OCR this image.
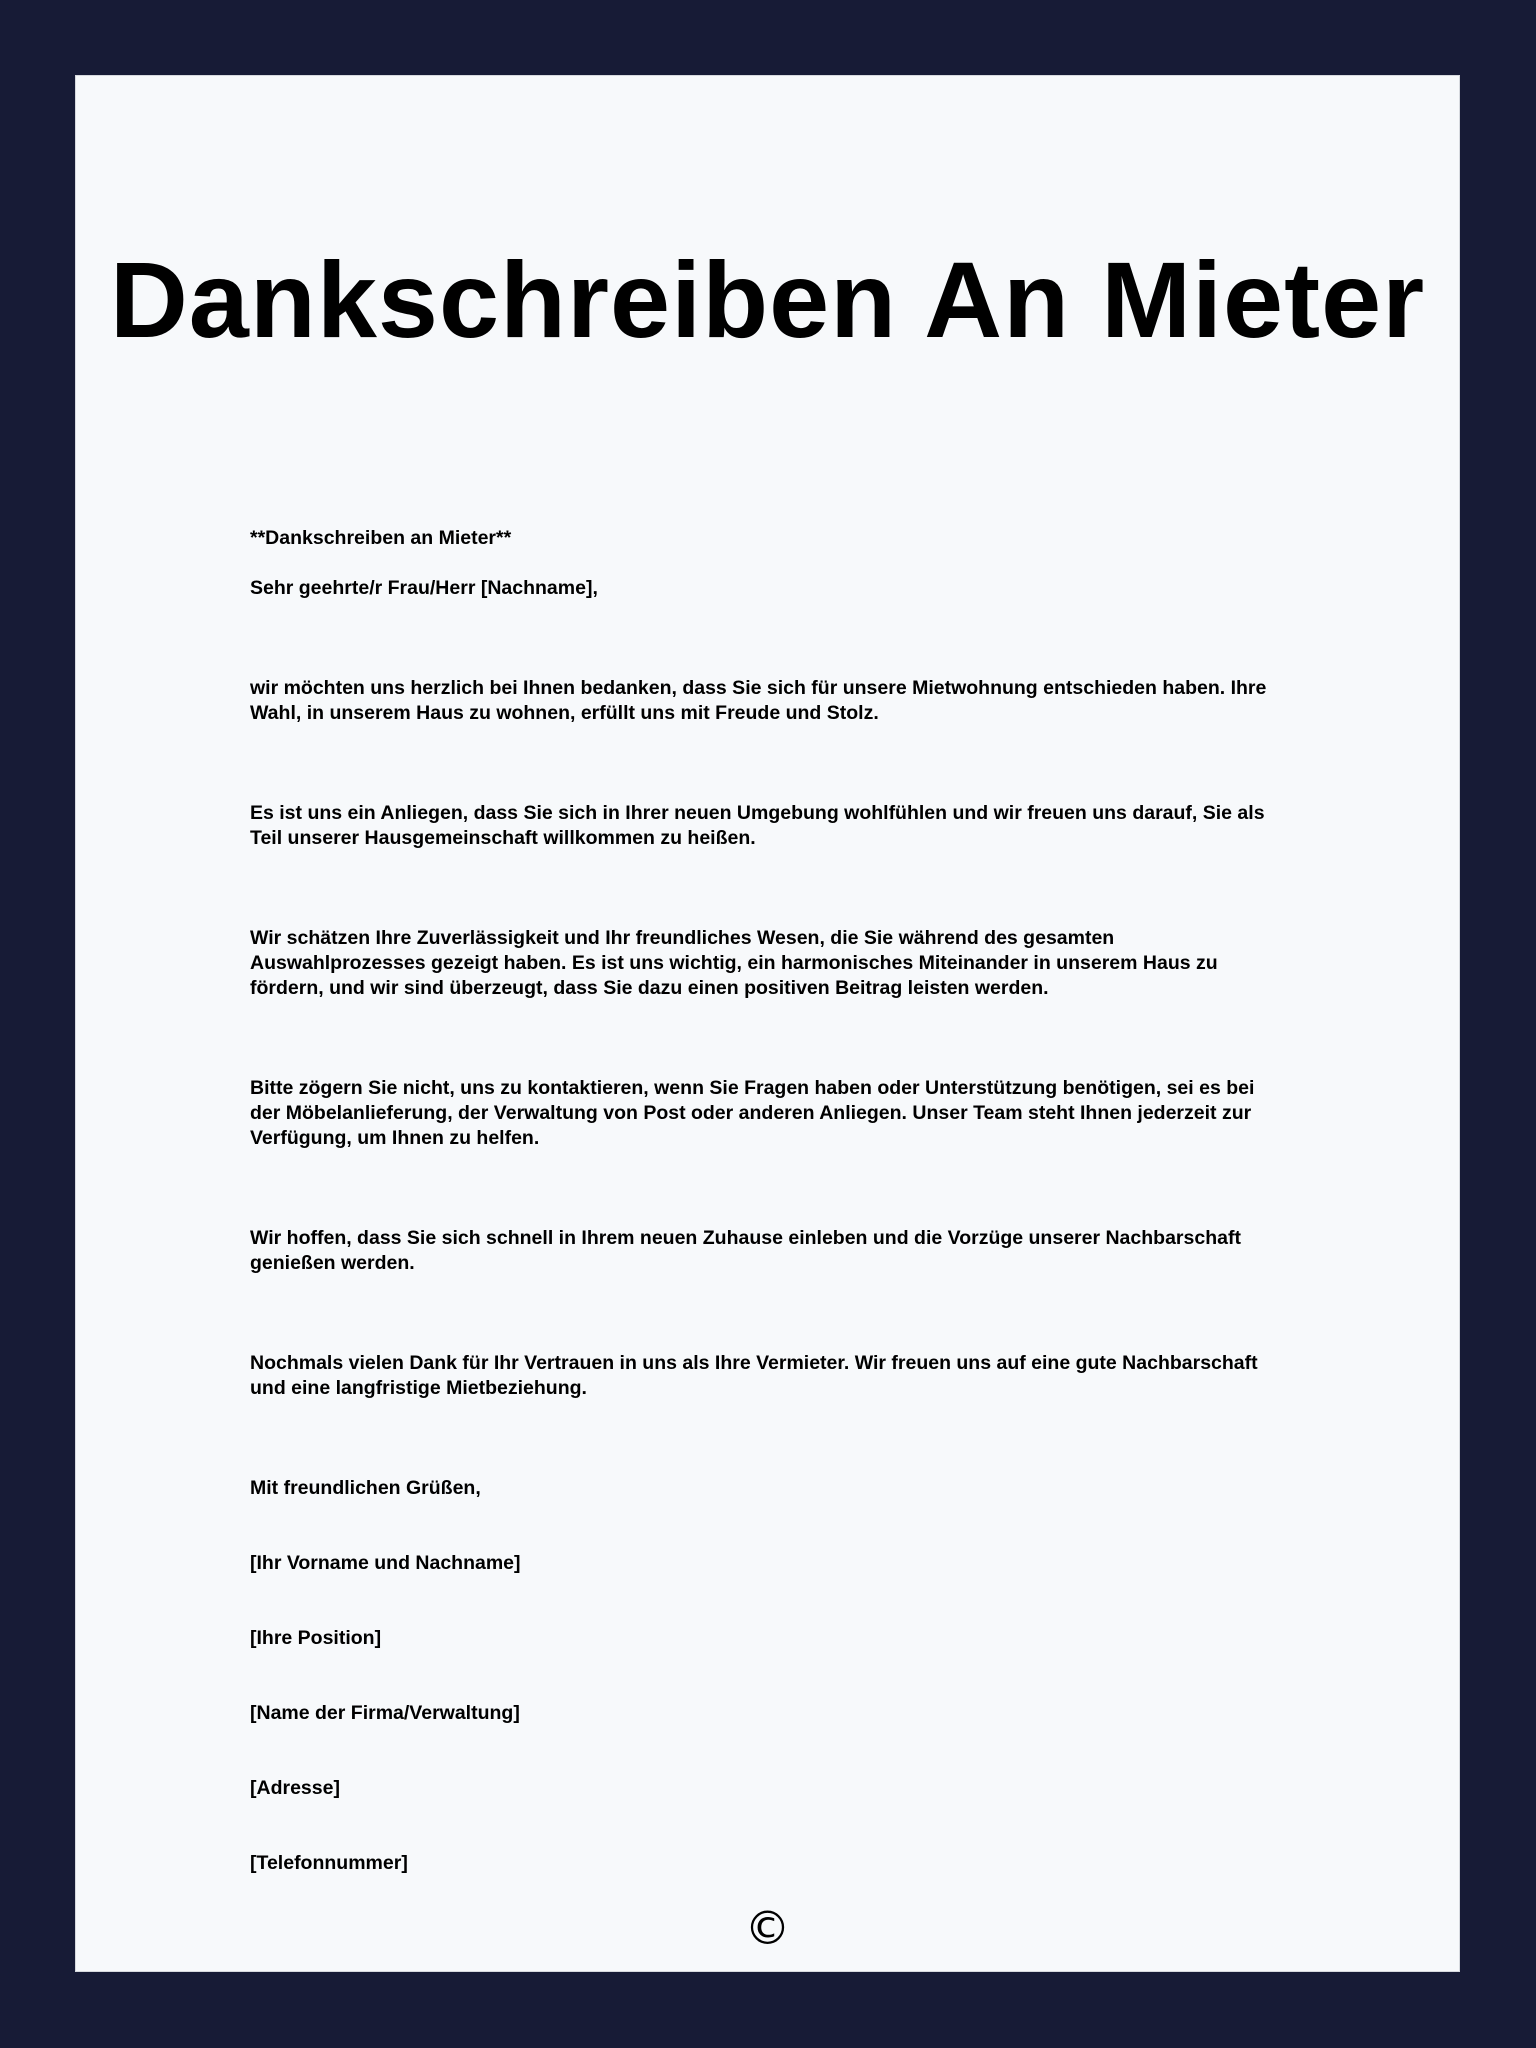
Dankschreiben An Mieter

**Dankschreiben an Mieter**

Sehr geehrte/r Frau/Herr [Nachname],

wir möchten uns herzlich bei Ihnen bedanken, dass Sie sich für unsere Mietwohnung entschieden haben. Ihre Wahl, in unserem Haus zu wohnen, erfüllt uns mit Freude und Stolz.

Es ist uns ein Anliegen, dass Sie sich in Ihrer neuen Umgebung wohlfühlen und wir freuen uns darauf, Sie als Teil unserer Hausgemeinschaft willkommen zu heißen.

Wir schätzen Ihre Zuverlässigkeit und Ihr freundliches Wesen, die Sie während des gesamten Auswahlprozesses gezeigt haben. Es ist uns wichtig, ein harmonisches Miteinander in unserem Haus zu fördern, und wir sind überzeugt, dass Sie dazu einen positiven Beitrag leisten werden.

Bitte zögern Sie nicht, uns zu kontaktieren, wenn Sie Fragen haben oder Unterstützung benötigen, sei es bei der Möbelanlieferung, der Verwaltung von Post oder anderen Anliegen. Unser Team steht Ihnen jederzeit zur Verfügung, um Ihnen zu helfen.

Wir hoffen, dass Sie sich schnell in Ihrem neuen Zuhause einleben und die Vorzüge unserer Nachbarschaft genießen werden.

Nochmals vielen Dank für Ihr Vertrauen in uns als Ihre Vermieter. Wir freuen uns auf eine gute Nachbarschaft und eine langfristige Mietbeziehung.

Mit freundlichen Grüßen,

[Ihr Vorname und Nachname]

[Ihre Position]

[Name der Firma/Verwaltung]

[Adresse]

[Telefonnummer]

©
